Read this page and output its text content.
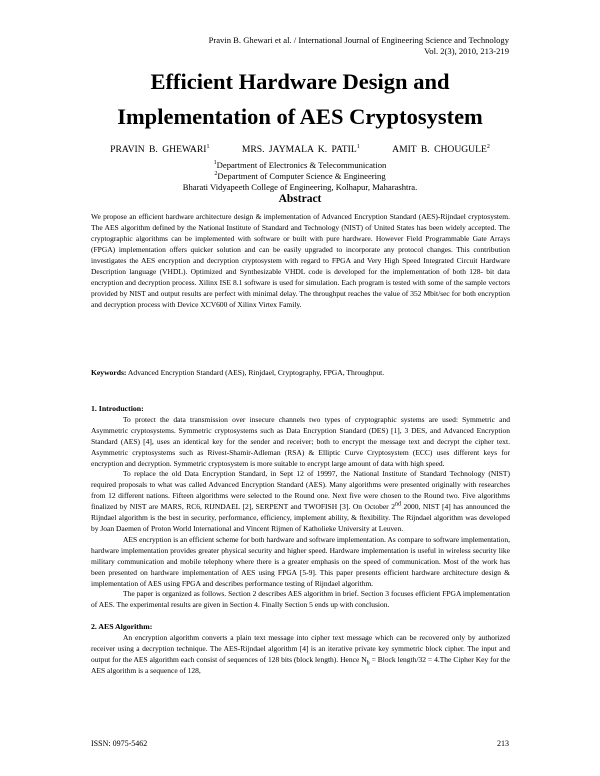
Pravin B. Ghewari et al. / International Journal of Engineering Science and Technology
Vol. 2(3), 2010, 213-219
Efficient Hardware Design and
Implementation of AES Cryptosystem
PRAVIN B. GHEWARI$^1$	MRS. JAYMALA K. PATIL$^1$	AMIT B. CHOUGULE$^2$
$^1$Department of Electronics & Telecommunication
$^2$Department of Computer Science & Engineering
Bharati Vidyapeeth College of Engineering, Kolhapur, Maharashtra.
Abstract
We propose an efficient hardware architecture design & implementation of Advanced Encryption Standard (AES)-Rijndael cryptosystem. The AES algorithm defined by the National Institute of Standard and Technology (NIST) of United States has been widely accepted. The cryptographic algorithms can be implemented with software or built with pure hardware. However Field Programmable Gate Arrays (FPGA) implementation offers quicker solution and can be easily upgraded to incorporate any protocol changes. This contribution investigates the AES encryption and decryption cryptosystem with regard to FPGA and Very High Speed Integrated Circuit Hardware Description language (VHDL). Optimized and Synthesizable VHDL code is developed for the implementation of both 128- bit data encryption and decryption process. Xilinx ISE 8.1 software is used for simulation. Each program is tested with some of the sample vectors provided by NIST and output results are perfect with minimal delay. The throughput reaches the value of 352 Mbit/sec for both encryption and decryption process with Device XCV600 of Xilinx Virtex Family.
Keywords: Advanced Encryption Standard (AES), Rinjdael, Cryptography, FPGA, Throughput.
1. Introduction:

To protect the data transmission over insecure channels two types of cryptographic systems are used: Symmetric and Asymmetric cryptosystems. Symmetric cryptosystems such as Data Encryption Standard (DES) [1], 3 DES, and Advanced Encryption Standard (AES) [4], uses an identical key for the sender and receiver; both to encrypt the message text and decrypt the cipher text. Asymmetric cryptosystems such as Rivest-Shamir-Adleman (RSA) & Elliptic Curve Cryptosystem (ECC) uses different keys for encryption and decryption. Symmetric cryptosystem is more suitable to encrypt large amount of data with high speed.

To replace the old Data Encryption Standard, in Sept 12 of 19997, the National Institute of Standard Technology (NIST) required proposals to what was called Advanced Encryption Standard (AES). Many algorithms were presented originally with researches from 12 different nations. Fifteen algorithms were selected to the Round one. Next five were chosen to the Round two. Five algorithms finalized by NIST are MARS, RC6, RIJNDAEL [2], SERPENT and TWOFISH [3]. On October 2nd 2000, NIST [4] has announced the Rijndael algorithm is the best in security, performance, efficiency, implement ability, & flexibility. The Rijndael algorithm was developed by Joan Daemen of Proton World International and Vincent Rijmen of Katholieke University at Leuven.

AES encryption is an efficient scheme for both hardware and software implementation. As compare to software implementation, hardware implementation provides greater physical security and higher speed. Hardware implementation is useful in wireless security like military communication and mobile telephony where there is a greater emphasis on the speed of communication. Most of the work has been presented on hardware implementation of AES using FPGA [5-9]. This paper presents efficient hardware architecture design & implementation of AES using FPGA and describes performance testing of Rijndael algorithm.

The paper is organized as follows. Section 2 describes AES algorithm in brief. Section 3 focuses efficient FPGA implementation of AES. The experimental results are given in Section 4. Finally Section 5 ends up with conclusion.

2. AES Algorithm:

An encryption algorithm converts a plain text message into cipher text message which can be recovered only by authorized receiver using a decryption technique. The AES-Rijndael algorithm [4] is an iterative private key symmetric block cipher. The input and output for the AES algorithm each consist of sequences of 128 bits (block length). Hence $N_b$ = Block length/32 = 4.The Cipher Key for the AES algorithm is a sequence of 128,

ISSN: 0975-5462	213
